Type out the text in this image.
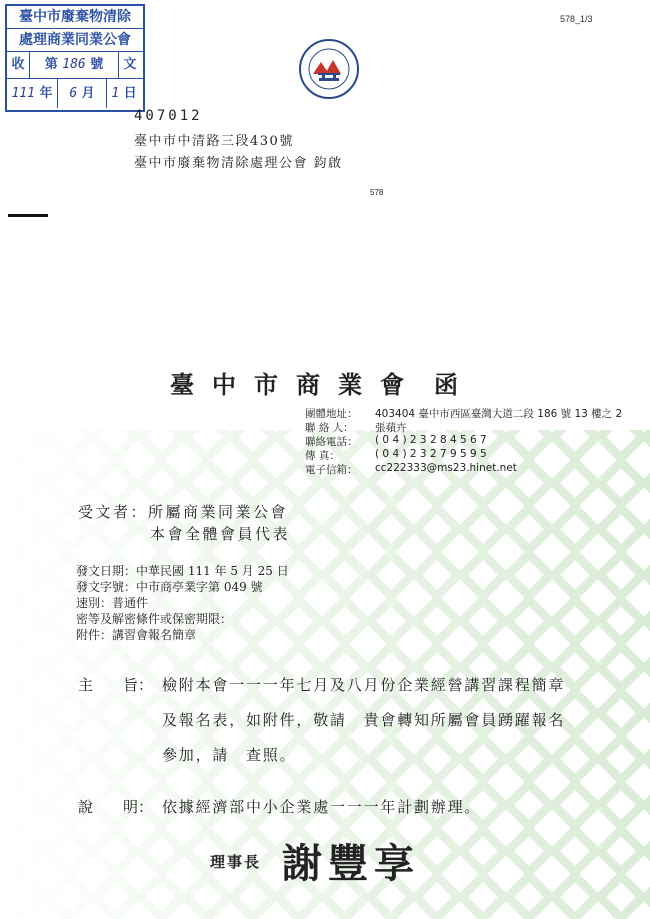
臺中市廢棄物清除
處理商業同業公會
收	第 186 號	文
111 年	6 月	1 日
578_1/3
407012
臺中市中清路三段430號
臺中市廢棄物清除處理公會 鈞啟
578
臺中市商業會 函
團體地址：	403404 臺中市西區臺灣大道二段 186 號 13 樓之 2
聯 絡 人：	張蘋卉
聯絡電話：	( 0 4 ) 2 3 2 8 4 5 6 7
傳 真：	( 0 4 ) 2 3 2 7 9 5 9 5
電子信箱：	cc222333@ms23.hinet.net
受文者：所屬商業同業公會
本會全體會員代表
發文日期：中華民國 111 年 5 月 25 日
發文字號：中市商亭業字第 049 號
速別：普通件
密等及解密條件或保密期限：
附件：講習會報名簡章
主　　旨： 檢附本會一一一年七月及八月份企業經營講習課程簡章
及報名表，如附件，敬請　貴會轉知所屬會員踴躍報名
參加，請　查照。
說　　明： 依據經濟部中小企業處一一一年計劃辦理。
理事長 謝豐享
